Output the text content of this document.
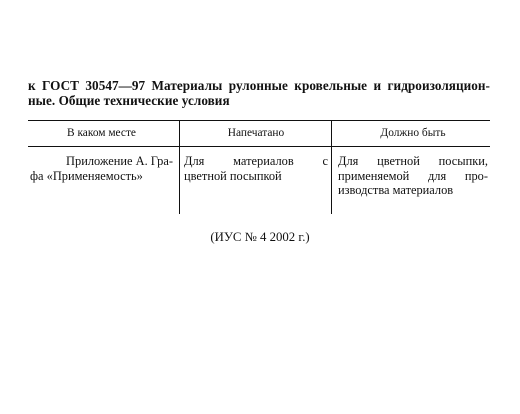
к ГОСТ 30547—97 Материалы рулонные кровельные и гидроизоляцион-
ные. Общие технические условия
В каком месте	Напечатано	Должно быть
Приложение А. Гра-
фа «Применяемость»
Для материалов с
цветной посыпкой
Для цветной посыпки,
применяемой для про-
изводства материалов
(ИУС № 4 2002 г.)
